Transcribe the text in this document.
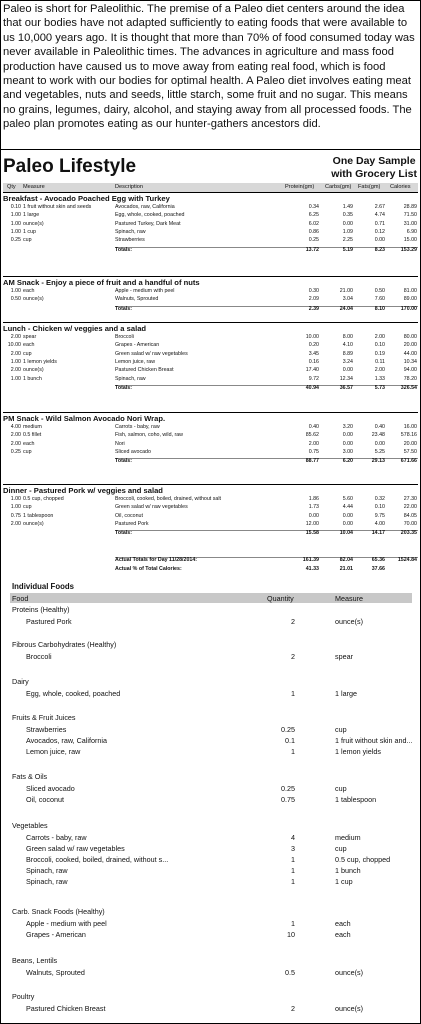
Paleo is short for Paleolithic. The premise of a Paleo diet centers around the idea that our bodies have not adapted sufficiently to eating foods that were available to us 10,000 years ago. It is thought that more than 70% of food consumed today was never available in Paleolithic times. The advances in agriculture and mass food production have caused us to move away from eating real food, which is food meant to work with our bodies for optimal health. A Paleo diet involves eating meat and vegetables, nuts and seeds, little starch, some fruit and no sugar. This means no grains, legumes, dairy, alcohol, and staying away from all processed foods. The paleo plan promotes eating as our hunter-gathers ancestors did.
Paleo Lifestyle	One Day Sample
with Grocery List
Qty Measure	Description	Protein(gm) Carbs(gm) Fats(gm) Calories
Breakfast - Avocado Poached Egg with Turkey
0.10 1 fruit without skin and seeds	Avocados, raw, California	0.34	1.49	2.67	28.89
1.00 1 large	Egg, whole, cooked, poached	6.25	0.35	4.74	71.50
1.00 ounce(s)	Pastured Turkey, Dark Meat	6.02	0.00	0.71	31.00
1.00 1 cup	Spinach, raw	0.86	1.09	0.12	6.90
0.25 cup	Strawberries	0.25	2.25	0.00	15.00
Totals:	13.72	5.19	8.23	153.29
AM Snack - Enjoy a piece of fruit and a handful of nuts
1.00 each	Apple - medium with peel	0.30	21.00	0.50	81.00
0.50 ounce(s)	Walnuts, Sprouted	2.09	3.04	7.60	89.00
Totals:	2.39	24.04	8.10	170.00
Lunch - Chicken w/ veggies and a salad
2.00 spear	Broccoli	10.00	8.00	2.00	80.00
10.00 each	Grapes - American	0.20	4.10	0.10	20.00
2.00 cup	Green salad w/ raw vegetables	3.45	8.89	0.19	44.00
1.00 1 lemon yields	Lemon juice, raw	0.16	3.24	0.11	10.34
2.00 ounce(s)	Pastured Chicken Breast	17.40	0.00	2.00	94.00
1.00 1 bunch	Spinach, raw	9.72	12.34	1.33	78.20
Totals:	40.94	36.57	5.73	326.54
PM Snack - Wild Salmon Avocado Nori Wrap.
4.00 medium	Carrots - baby, raw	0.40	3.20	0.40	16.00
2.00 0.5 fillet	Fish, salmon, coho, wild, raw	85.62	0.00	23.48	578.16
2.00 each	Nori	2.00	0.00	0.00	20.00
0.25 cup	Sliced avocado	0.75	3.00	5.25	57.50
Totals:	88.77	6.20	29.13	671.66
Dinner - Pastured Pork w/ veggies and salad
1.00 0.5 cup, chopped	Broccoli, cooked, boiled, drained, without salt	1.86	5.60	0.32	27.30
1.00 cup	Green salad w/ raw vegetables	1.73	4.44	0.10	22.00
0.75 1 tablespoon	Oil, coconut	0.00	0.00	9.75	84.05
2.00 ounce(s)	Pastured Pork	12.00	0.00	4.00	70.00
Totals:	15.58	10.04	14.17	203.35
Actual Totals for Day 11/28/2014:	161.39	82.04	65.36	1524.84
Actual % of Total Calories:	41.33	21.01	37.66
Individual Foods
Food	Quantity	Measure
Proteins (Healthy)
Pastured Pork	2	ounce(s)
Fibrous Carbohydrates (Healthy)
Broccoli	2	spear
Dairy
Egg, whole, cooked, poached	1	1 large
Fruits & Fruit Juices
Strawberries	0.25	cup
Avocados, raw, California	0.1	1 fruit without skin and...
Lemon juice, raw	1	1 lemon yields
Fats & Oils
Sliced avocado	0.25	cup
Oil, coconut	0.75	1 tablespoon
Vegetables
Carrots - baby, raw	4	medium
Green salad w/ raw vegetables	3	cup
Broccoli, cooked, boiled, drained, without s...	1	0.5 cup, chopped
Spinach, raw	1	1 bunch
Spinach, raw	1	1 cup
Carb. Snack Foods (Healthy)
Apple - medium with peel	1	each
Grapes - American	10	each
Beans, Lentils
Walnuts, Sprouted	0.5	ounce(s)
Poultry
Pastured Chicken Breast	2	ounce(s)
